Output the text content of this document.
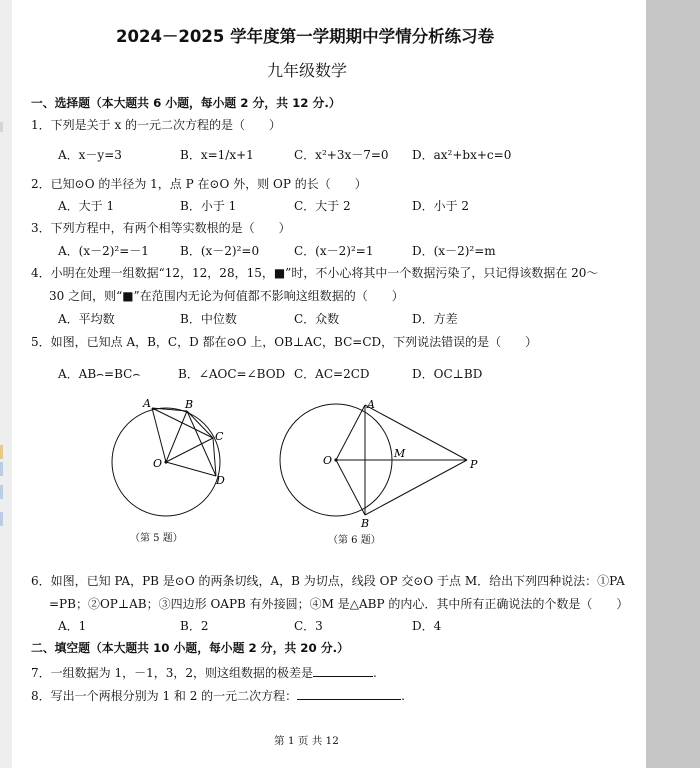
2024－2025 学年度第一学期期中学情分析练习卷
九年级数学
一、选择题（本大题共 6 小题，每小题 2 分，共 12 分.）
1．下列是关于 x 的一元二次方程的是（　　）
A．x－y=3	B．x=1/x+1	C．x²+3x－7=0 D．ax²+bx+c=0
2．已知⊙O 的半径为 1，点 P 在⊙O 外，则 OP 的长（　　）
A．大于 1	B．小于 1	C．大于 2	D．小于 2
3．下列方程中，有两个相等实数根的是（　　）
A．(x－2)²=－1	B．(x－2)²=0	C．(x－2)²=1	D．(x－2)²=m
4．小明在处理一组数据“12，12，28，15，■”时，不小心将其中一个数据污染了，只记得该数据在 20～
30 之间，则“■”在范围内无论为何值都不影响这组数据的（　　）
A．平均数	B．中位数	C．众数	D．方差
5．如图，已知点 A，B，C，D 都在⊙O 上，OB⊥AC，BC=CD，下列说法错误的是（　　）
A．AB⌢=BC⌢	B．∠AOC=∠BOD C．AC=2CD	D．OC⊥BD
A	B
C
O
D
（第 5 题）
A
O
M
P
B
（第 6 题）
6．如图，已知 PA，PB 是⊙O 的两条切线，A，B 为切点，线段 OP 交⊙O 于点 M．给出下列四种说法：①PA
=PB；②OP⊥AB；③四边形 OAPB 有外接圆；④M 是△ABP 的内心．其中所有正确说法的个数是（　　）
A．1	B．2	C．3	D．4
二、填空题（本大题共 10 小题，每小题 2 分，共 20 分.）
7．一组数据为 1，－1，3，2，则这组数据的极差是	.
8．写出一个两根分别为 1 和 2 的一元二次方程：	.
第 1 页 共 12
